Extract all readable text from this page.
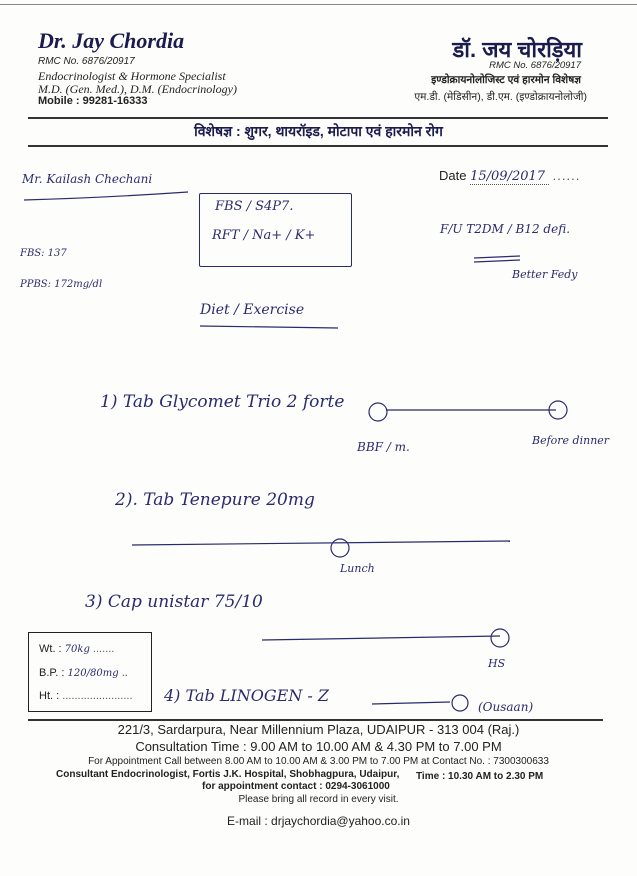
Dr. Jay Chordia
RMC No. 6876/20917
Endocrinologist & Hormone Specialist
M.D. (Gen. Med.), D.M. (Endocrinology)
Mobile : 99281-16333
डॉ. जय चोरड़िया
RMC No. 6876/20917
इण्डोक्रायनोलोजिस्ट एवं हारमोन विशेषज्ञ
एम.डी. (मेडिसीन), डी.एम. (इण्डोक्रायनोलोजी)
विशेषज्ञ : शुगर, थायरॉइड, मोटापा एवं हारमोन रोग
Date 15/09/2017 ......
Mr. Kailash Chechani
FBS: 137
PPBS: 172mg/dl
FBS / S4P7.
RFT / Na+ / K+	F/U T2DM / B12 defi.
Better Fedy
Diet / Exercise
1) Tab Glycomet Trio 2 forte
BBF / m.	Before dinner
2). Tab Tenepure 20mg
Lunch
3) Cap unistar 75/10
HS
4) Tab LINOGEN - Z
(Ousaan)
Wt. : 70kg .......
B.P. : 120/80mg ..
Ht. : .......................
221/3, Sardarpura, Near Millennium Plaza, UDAIPUR - 313 004 (Raj.)
Consultation Time : 9.00 AM to 10.00 AM & 4.30 PM to 7.00 PM
For Appointment Call between 8.00 AM to 10.00 AM & 3.00 PM to 7.00 PM at Contact No. : 7300300633
Consultant Endocrinologist, Fortis J.K. Hospital, Shobhagpura, Udaipur, Time : 10.30 AM to 2.30 PM
for appointment contact : 0294-3061000
Please bring all record in every visit.
E-mail : drjaychordia@yahoo.co.in
